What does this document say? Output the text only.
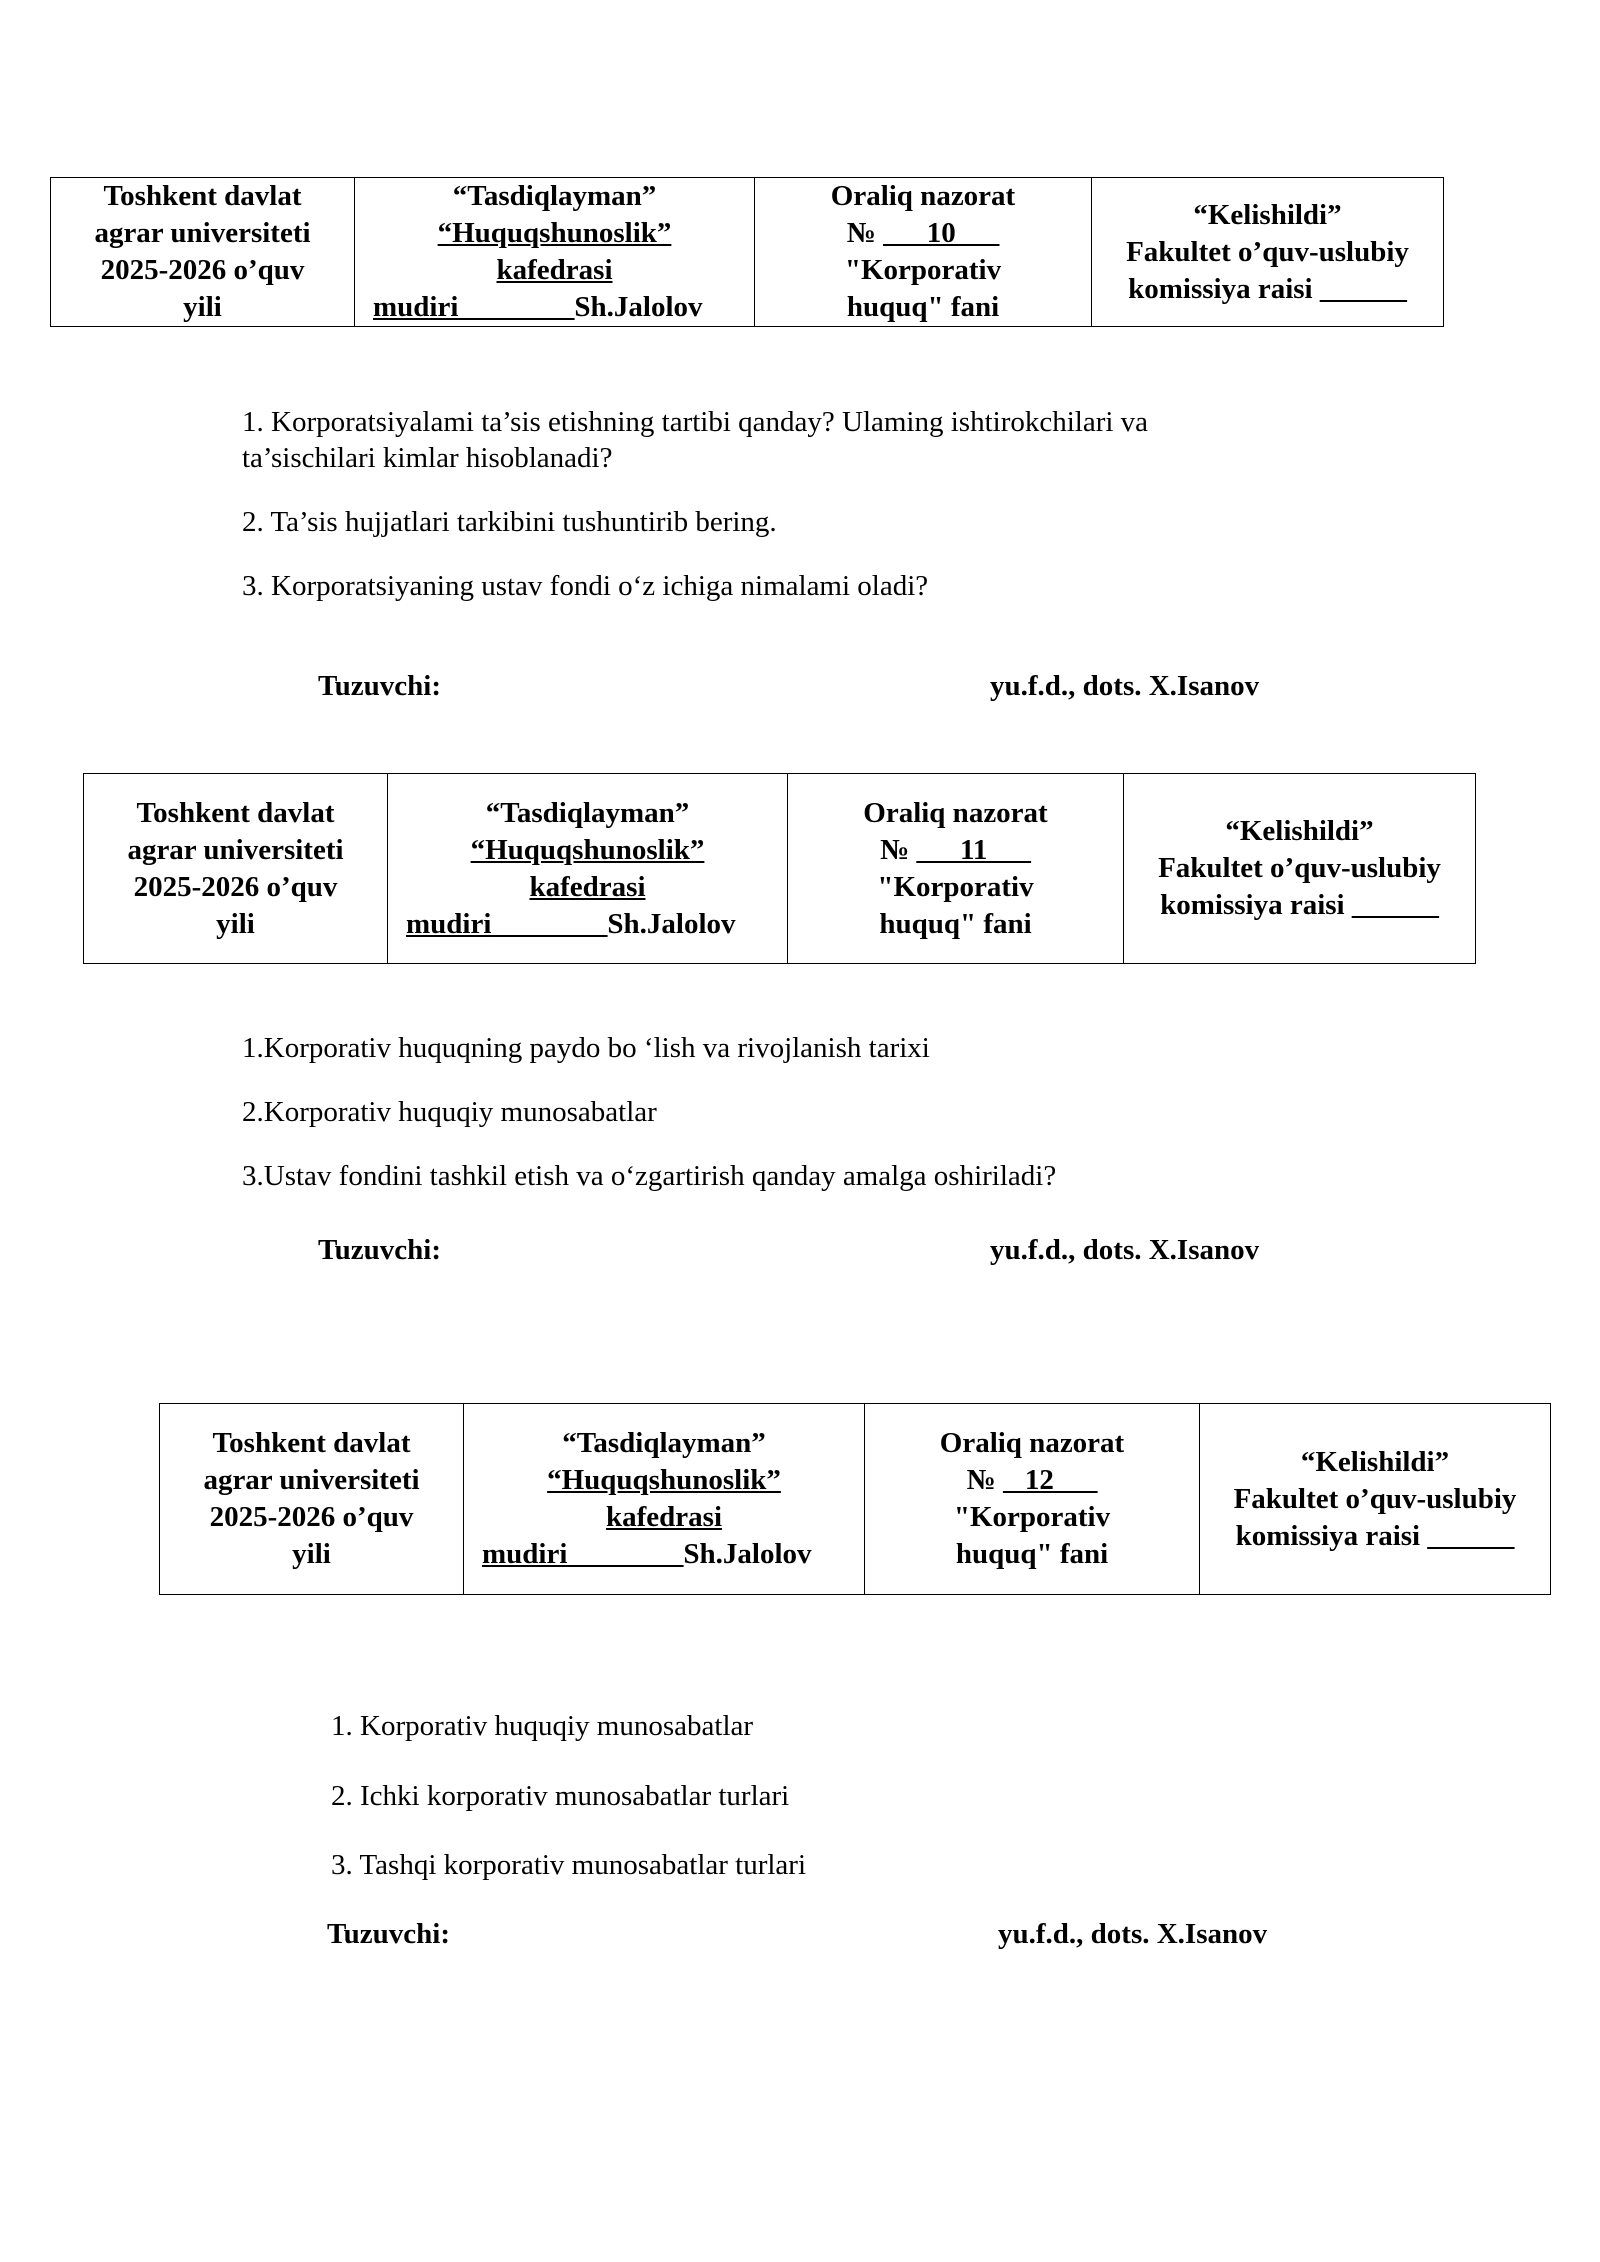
Toshkent davlat
agrar universiteti
2025-2026 o’quv
yili

“Tasdiqlayman”
“Huquqshunoslik”
kafedrasi
mudiri________Sh.Jalolov

Oraliq nazorat
№ ___10___
"Korporativ
huquq" fani

“Kelishildi”
Fakultet o’quv-uslubiy
komissiya raisi ______
1. Korporatsiyalami ta’sis etishning tartibi qanday? Ulaming ishtirokchilari va
ta’sischilari kimlar hisoblanadi?
2. Ta’sis hujjatlari tarkibini tushuntirib bering.
3. Korporatsiyaning ustav fondi o‘z ichiga nimalami oladi?
Tuzuvchi:	yu.f.d., dots. X.Isanov
Toshkent davlat
agrar universiteti
2025-2026 o’quv
yili

“Tasdiqlayman”
“Huquqshunoslik”
kafedrasi
mudiri________Sh.Jalolov

Oraliq nazorat
№ ___11___
"Korporativ
huquq" fani

“Kelishildi”
Fakultet o’quv-uslubiy
komissiya raisi ______
1.Korporativ huquqning paydo bo ‘lish va rivojlanish tarixi
2.Korporativ huquqiy munosabatlar
3.Ustav fondini tashkil etish va o‘zgartirish qanday amalga oshiriladi?
Tuzuvchi:	yu.f.d., dots. X.Isanov
Toshkent davlat
agrar universiteti
2025-2026 o’quv
yili

“Tasdiqlayman”
“Huquqshunoslik”
kafedrasi
mudiri________Sh.Jalolov

Oraliq nazorat
№ _ 12___
"Korporativ
huquq" fani

“Kelishildi”
Fakultet o’quv-uslubiy
komissiya raisi ______
1. Korporativ huquqiy munosabatlar
2. Ichki korporativ munosabatlar turlari
3. Tashqi korporativ munosabatlar turlari
Tuzuvchi:	yu.f.d., dots. X.Isanov
